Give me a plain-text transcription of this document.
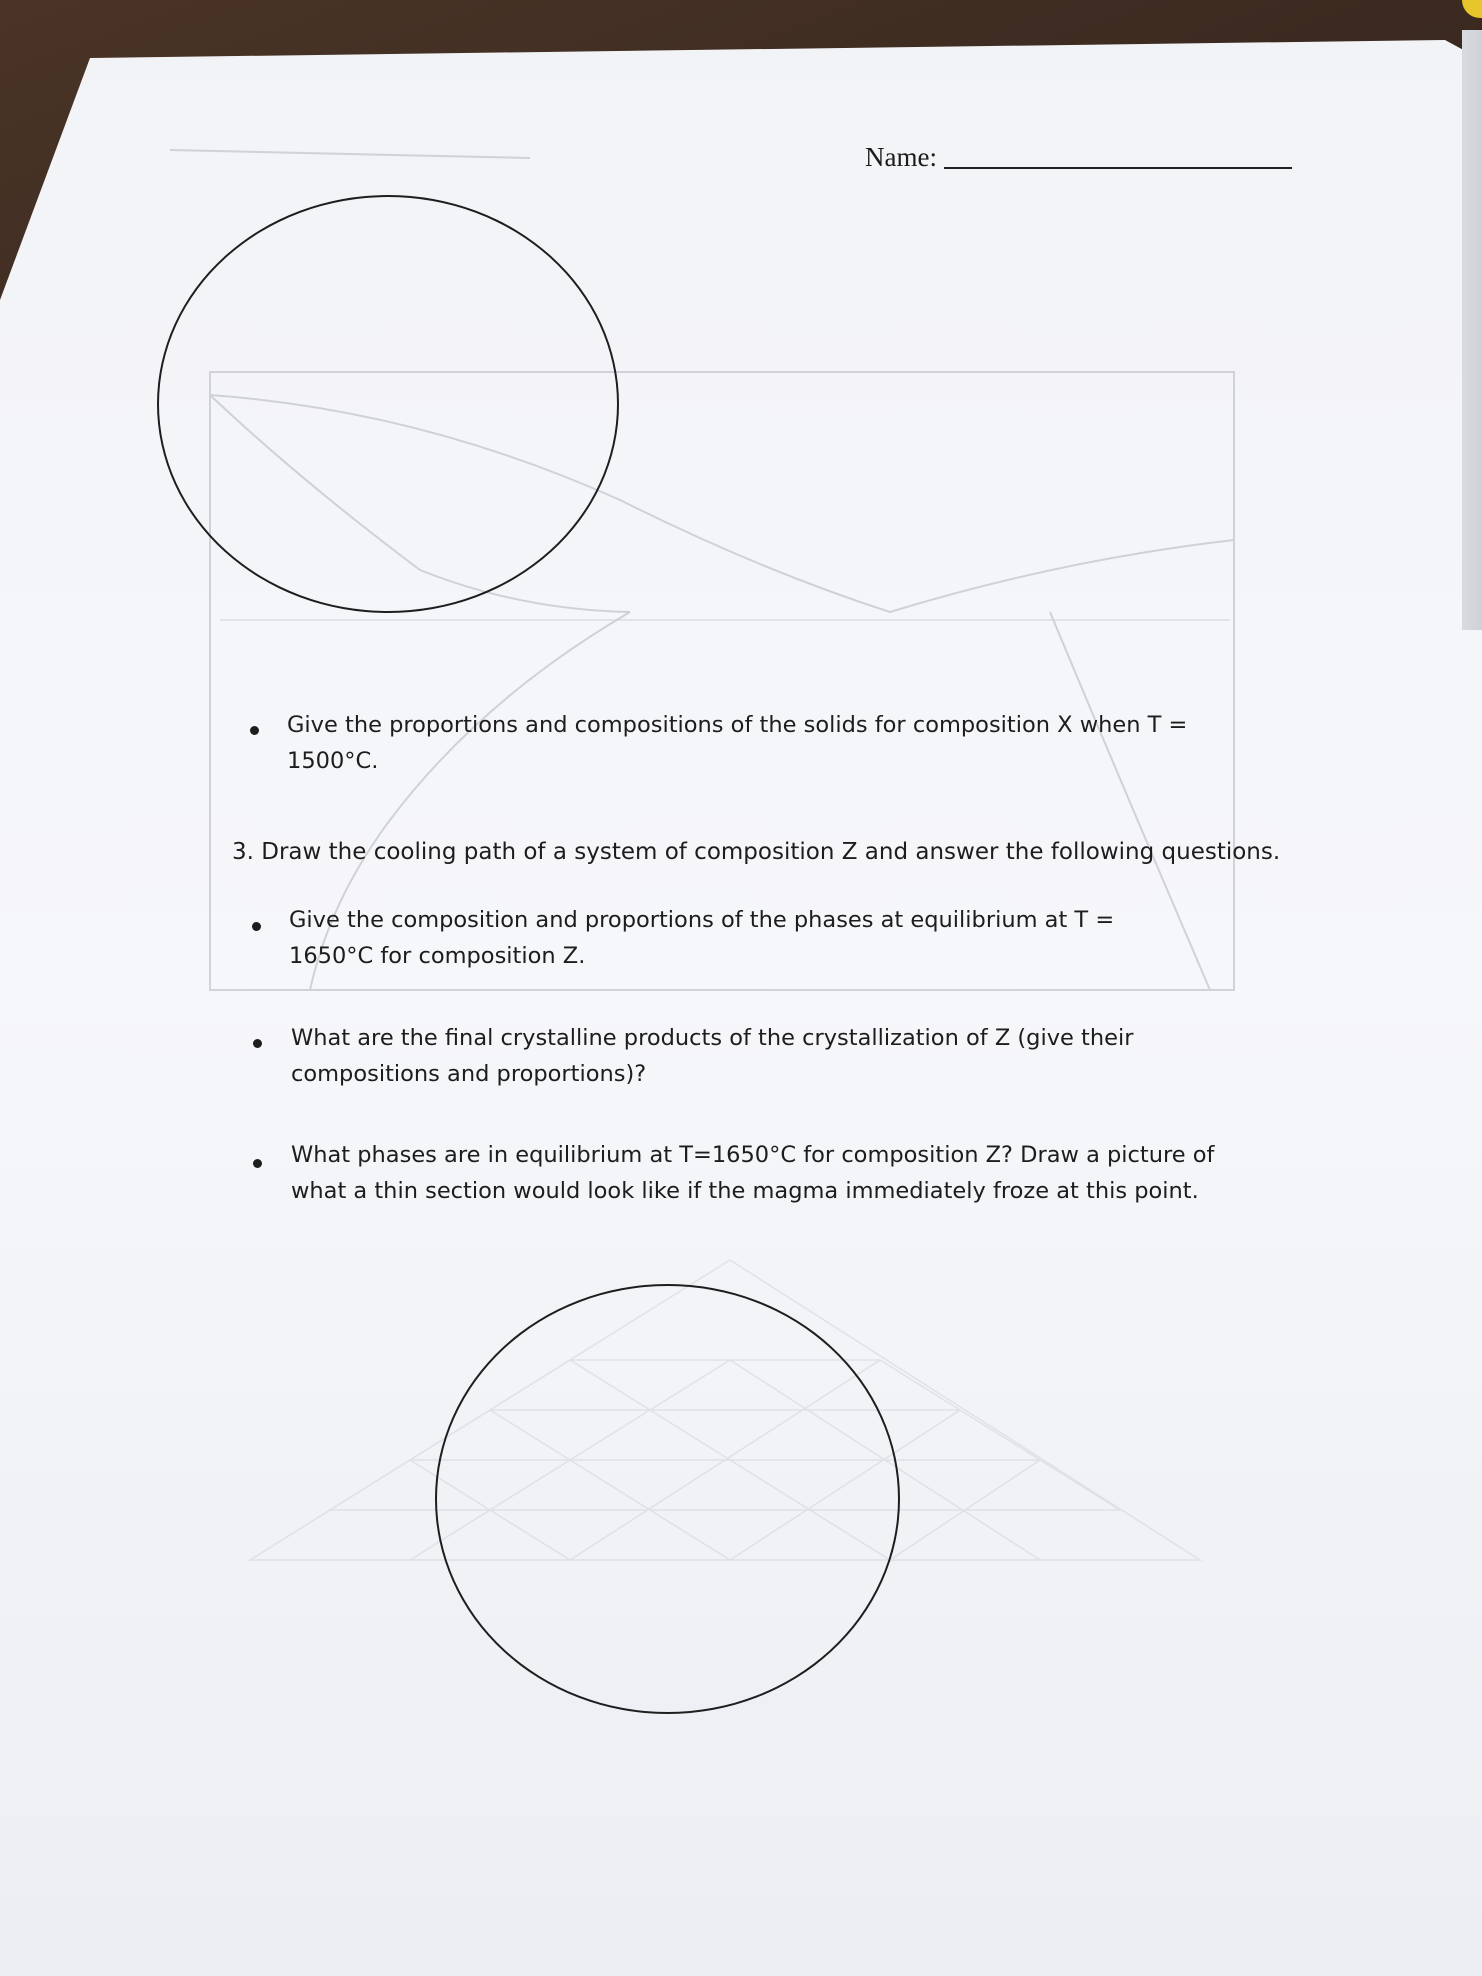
Name:
Give the proportions and compositions of the solids for composition X when T = 1500°C.
3. Draw the cooling path of a system of composition Z and answer the following questions.
Give the composition and proportions of the phases at equilibrium at T = 1650°C for composition Z.
What are the final crystalline products of the crystallization of Z (give their compositions and proportions)?
What phases are in equilibrium at T=1650°C for composition Z? Draw a picture of what a thin section would look like if the magma immediately froze at this point.
